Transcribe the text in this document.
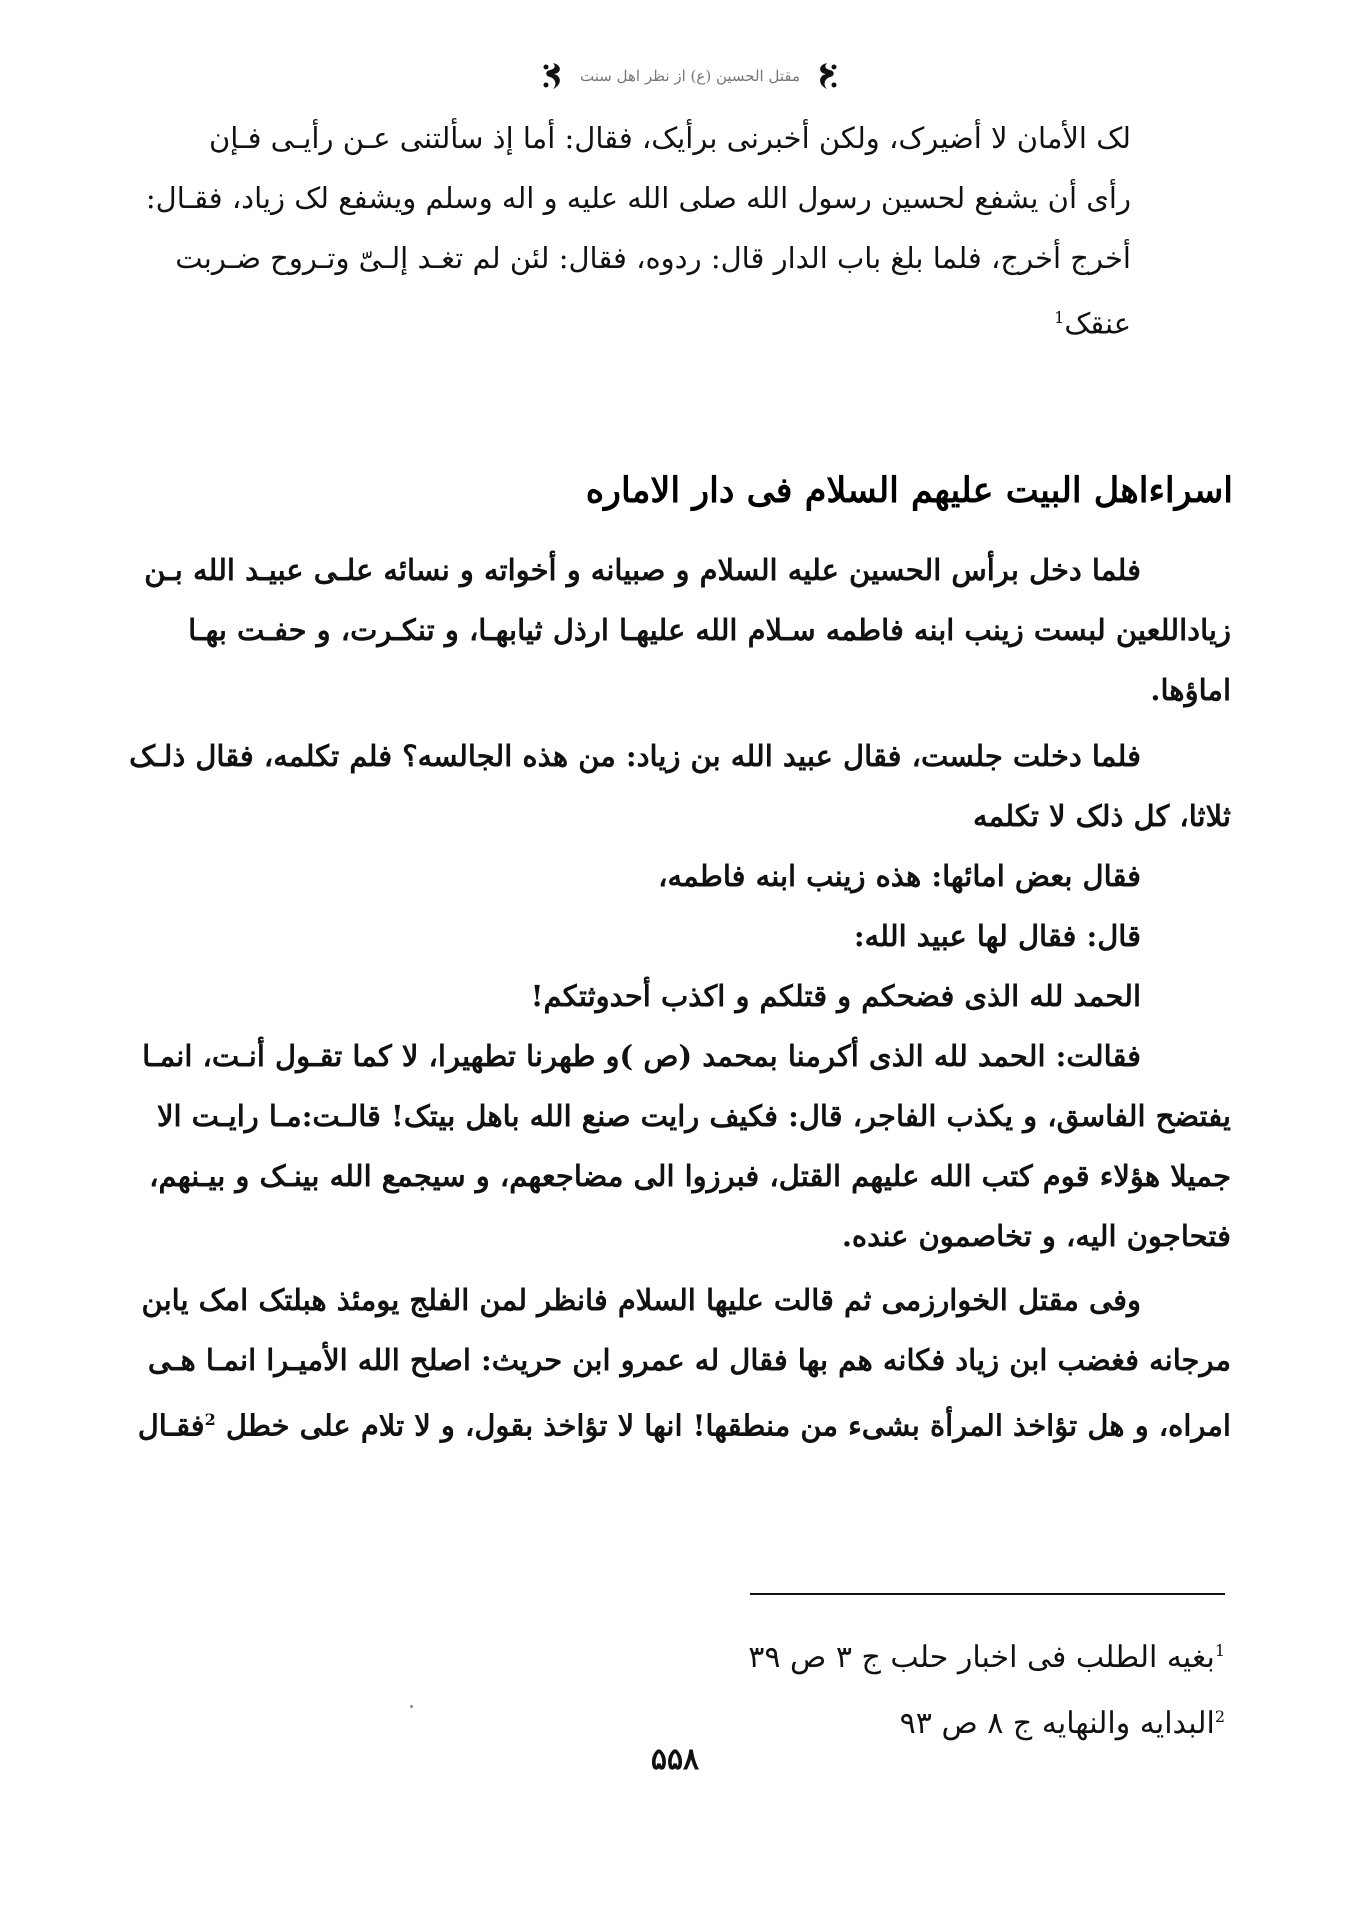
مقتل الحسين (ع) از نظر اهل سنت
لک الأمان لا أضیرک، ولکن أخبرنی برأیک، فقال: أما إذ سألتنی عـن رأیـی فـإن
رأی أن یشفع لحسین رسول الله صلی الله علیه و اله وسلم ویشفع لک زیاد، فقـال:
أخرج أخرج، فلما بلغ باب الدار قال: ردوه، فقال: لئن لم تغـد إلـیّ وتـروح ضـربت
عنقک$^1$
اسراءاهل البیت علیهم السلام فی دار الاماره
فلما دخل برأس الحسین علیه السلام و صبیانه و أخواته و نسائه علـی عبیـد الله بـن
زیاداللعین لبست زینب ابنه فاطمه سـلام الله علیهـا ارذل ثیابهـا، و تنکـرت، و حفـت بهـا
اماؤها.
فلما دخلت جلست، فقال عبید الله بن زیاد: من هذه الجالسه؟ فلم تکلمه، فقال ذلـک
ثلاثا، کل ذلک لا تکلمه
فقال بعض امائها: هذه زینب ابنه فاطمه،
قال: فقال لها عبید الله:
الحمد لله الذی فضحکم و قتلکم و اکذب أحدوثتکم!
فقالت: الحمد لله الذی أکرمنا بمحمد (ص )و طهرنا تطهیرا، لا کما تقـول أنـت، انمـا
یفتضح الفاسق، و یکذب الفاجر، قال: فکیف رایت صنع الله باهل بیتک! قالـت:مـا رایـت الا
جمیلا هؤلاء قوم کتب الله علیهم القتل، فبرزوا الی مضاجعهم، و سیجمع الله بینـک و بیـنهم،
فتحاجون الیه، و تخاصمون عنده.
وفی مقتل الخوارزمی ثم قالت علیها السلام فانظر لمن الفلج یومئذ هبلتک امک یابن
مرجانه فغضب ابن زیاد فکانه هم بها فقال له عمرو ابن حریث: اصلح الله الأمیـرا انمـا هـی
امراه، و هل تؤاخذ المرأة بشیء من منطقها! انها لا تؤاخذ بقول، و لا تلام علی خطل $^2$فقـال
$^1$بغیه الطلب فی اخبار حلب ج ۳ ص ۳۹
$^2$البدایه والنهایه ج ۸ ص ۹۳
۵۵۸
